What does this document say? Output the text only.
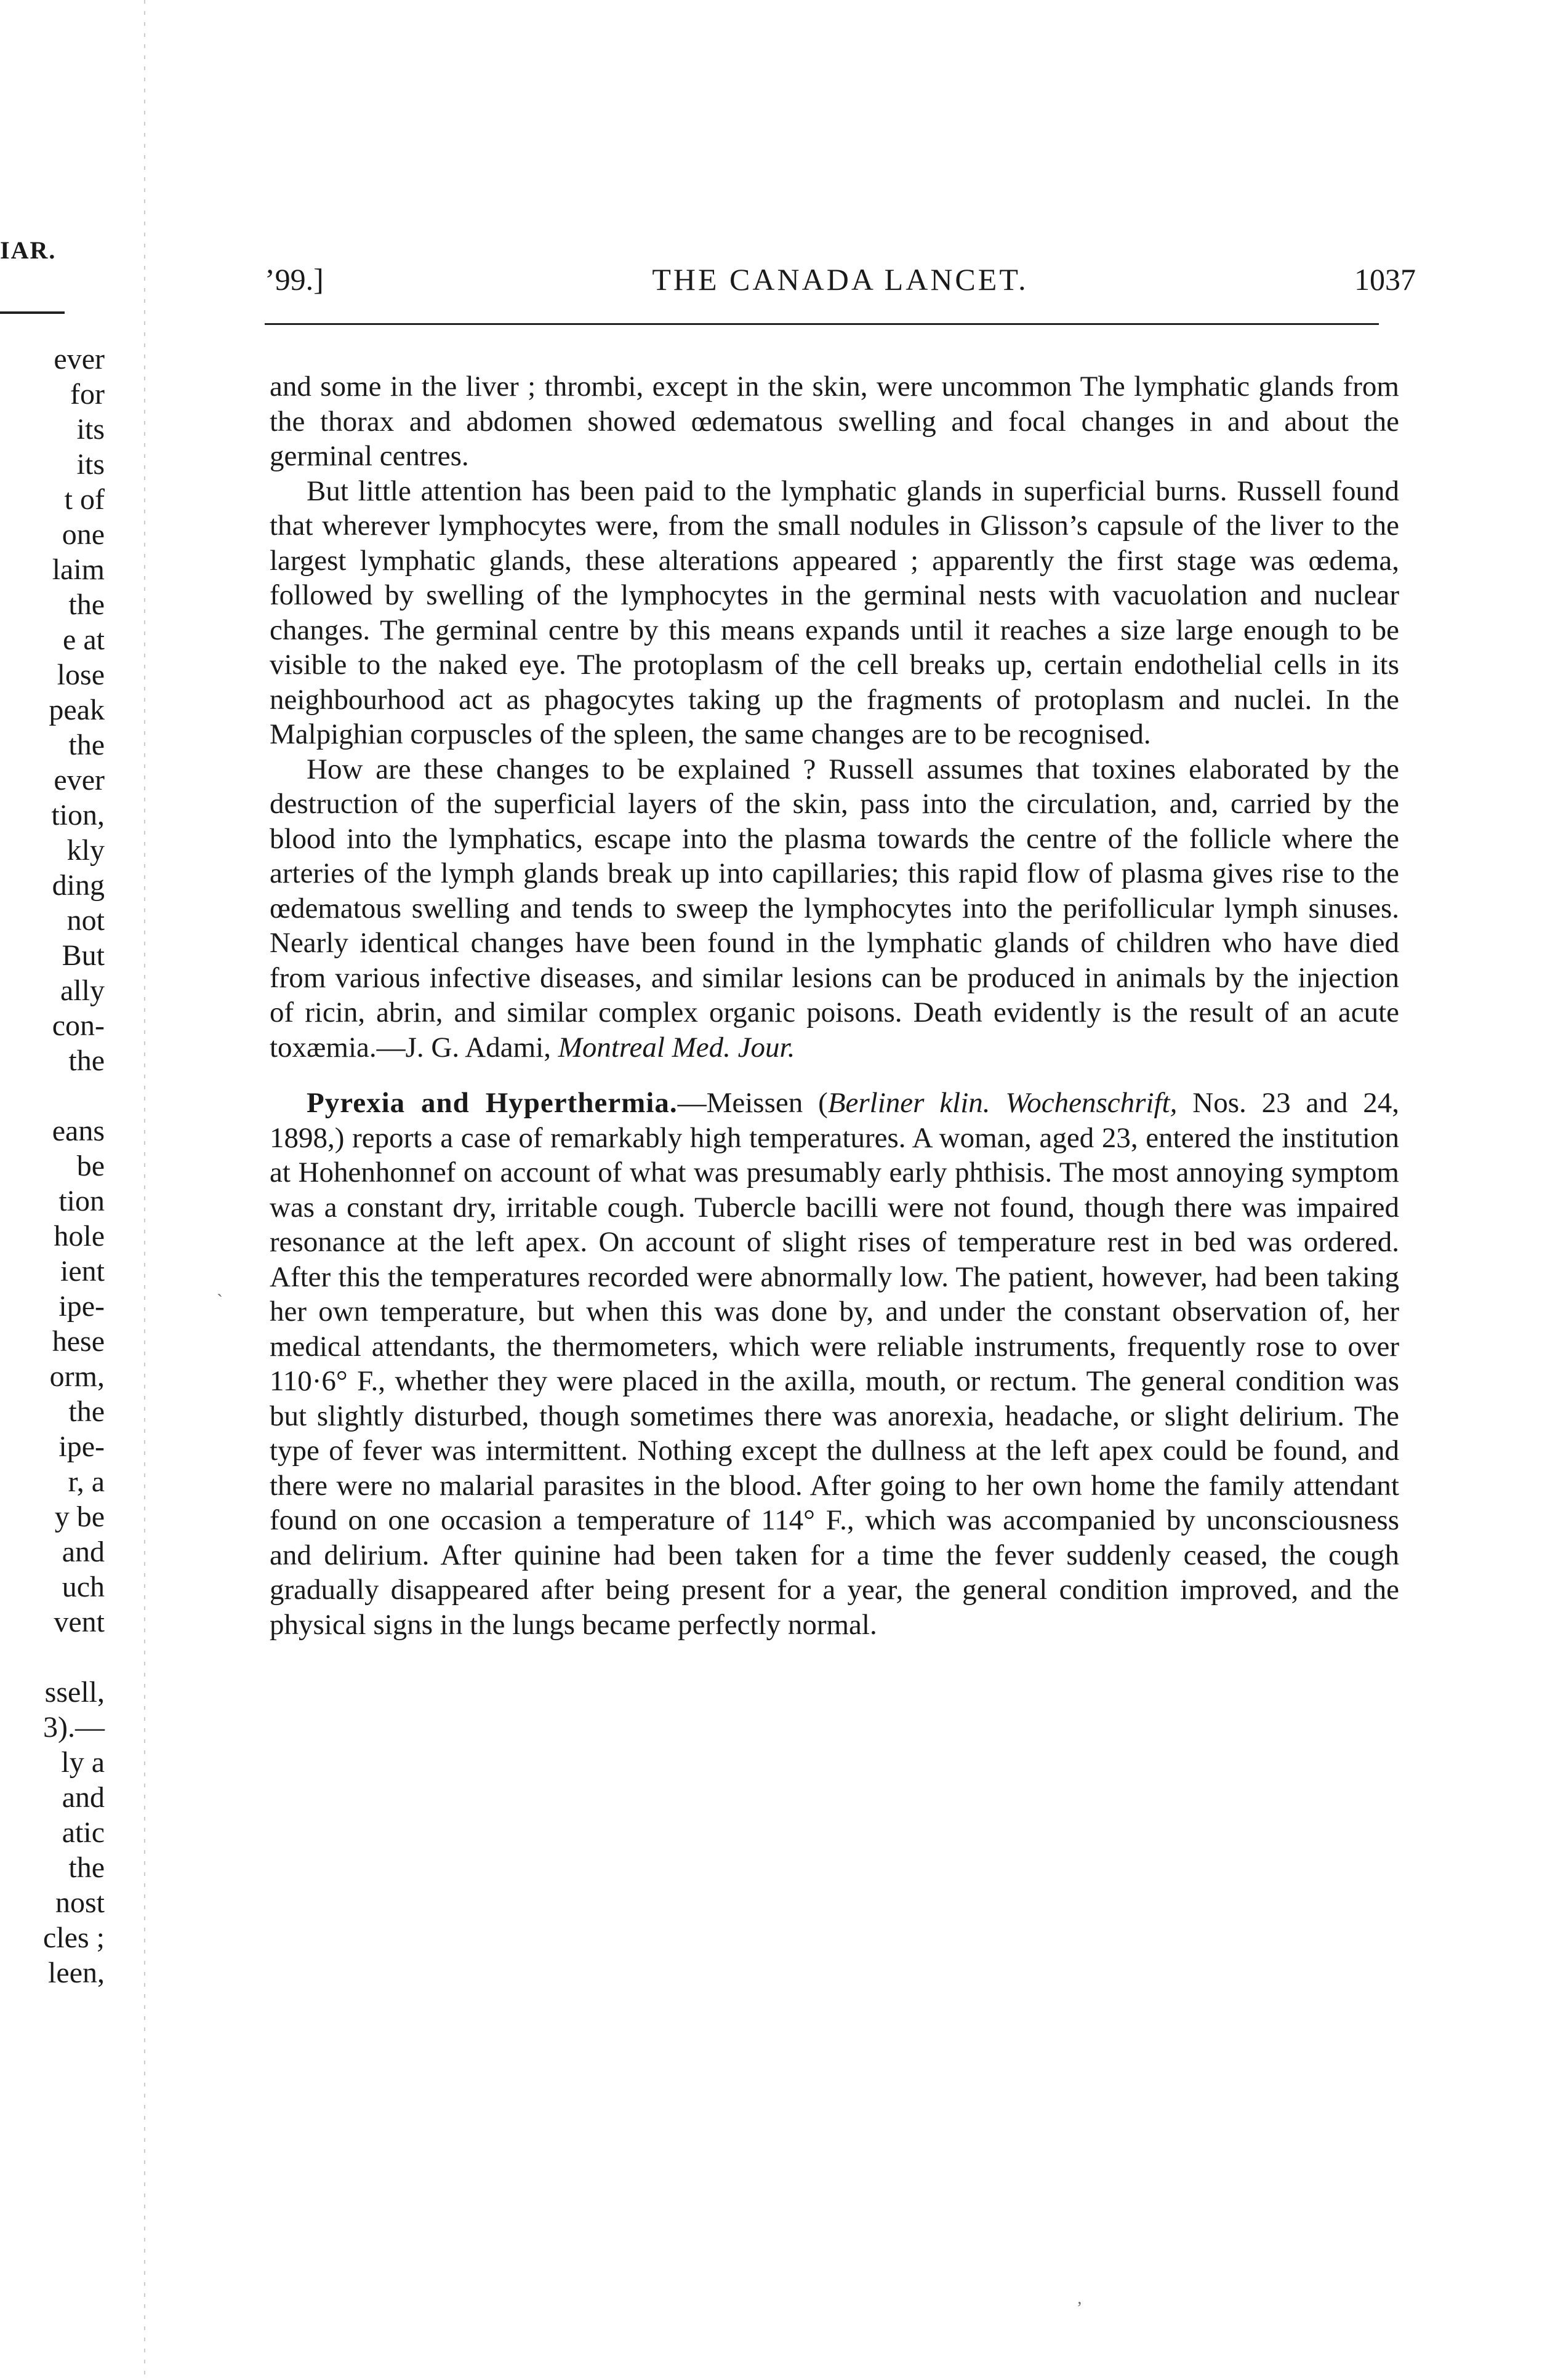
IAR.
ever
for
its
its
t of
one
laim
the
e at
lose
peak
the
ever
tion,
kly
ding
not
But
ally
con-
the
eans
be
tion
hole
ient
ipe-
hese
orm,
the
ipe-
r, a
y be
and
uch
vent
ssell,
3).—
ly a
and
atic
the
nost
cles ;
leen,
’99.]	THE CANADA LANCET.	1037

and some in the liver ; thrombi, except in the skin, were uncommon The lymphatic glands from the thorax and abdomen showed œdematous swelling and focal changes in and about the germinal centres.

But little attention has been paid to the lymphatic glands in superficial burns. Russell found that wherever lymphocytes were, from the small nodules in Glisson’s capsule of the liver to the largest lymphatic glands, these alterations appeared ; apparently the first stage was œdema, followed by swelling of the lymphocytes in the germinal nests with vacuolation and nuclear changes. The germinal centre by this means expands until it reaches a size large enough to be visible to the naked eye. The protoplasm of the cell breaks up, certain endothelial cells in its neighbourhood act as phagocytes taking up the fragments of protoplasm and nuclei. In the Malpighian corpuscles of the spleen, the same changes are to be recognised.

How are these changes to be explained ? Russell assumes that toxines elaborated by the destruction of the superficial layers of the skin, pass into the circulation, and, carried by the blood into the lymphatics, escape into the plasma towards the centre of the follicle where the arteries of the lymph glands break up into capillaries; this rapid flow of plasma gives rise to the œdematous swelling and tends to sweep the lymphocytes into the perifollicular lymph sinuses. Nearly identical changes have been found in the lymphatic glands of children who have died from various infective diseases, and similar lesions can be produced in animals by the injection of ricin, abrin, and similar complex organic poisons. Death evidently is the result of an acute toxæmia.—J. G. Adami, Montreal Med. Jour.

Pyrexia and Hyperthermia.—Meissen (Berliner klin. Wochenschrift, Nos. 23 and 24, 1898,) reports a case of remarkably high temperatures. A woman, aged 23, entered the institution at Hohenhonnef on account of what was presumably early phthisis. The most annoying symptom was a constant dry, irritable cough. Tubercle bacilli were not found, though there was impaired resonance at the left apex. On account of slight rises of temperature rest in bed was ordered. After this the temperatures recorded were abnormally low. The patient, however, had been taking her own temperature, but when this was done by, and under the constant observation of, her medical attendants, the thermometers, which were reliable instruments, frequently rose to over 110·6° F., whether they were placed in the axilla, mouth, or rectum. The general condition was but slightly disturbed, though sometimes there was anorexia, headache, or slight delirium. The type of fever was intermittent. Nothing except the dullness at the left apex could be found, and there were no malarial parasites in the blood. After going to her own home the family attendant found on one occasion a temperature of 114° F., which was accompanied by unconsciousness and delirium. After quinine had been taken for a time the fever suddenly ceased, the cough gradually disappeared after being present for a year, the general condition improved, and the physical signs in the lungs became perfectly normal.

`
‚
